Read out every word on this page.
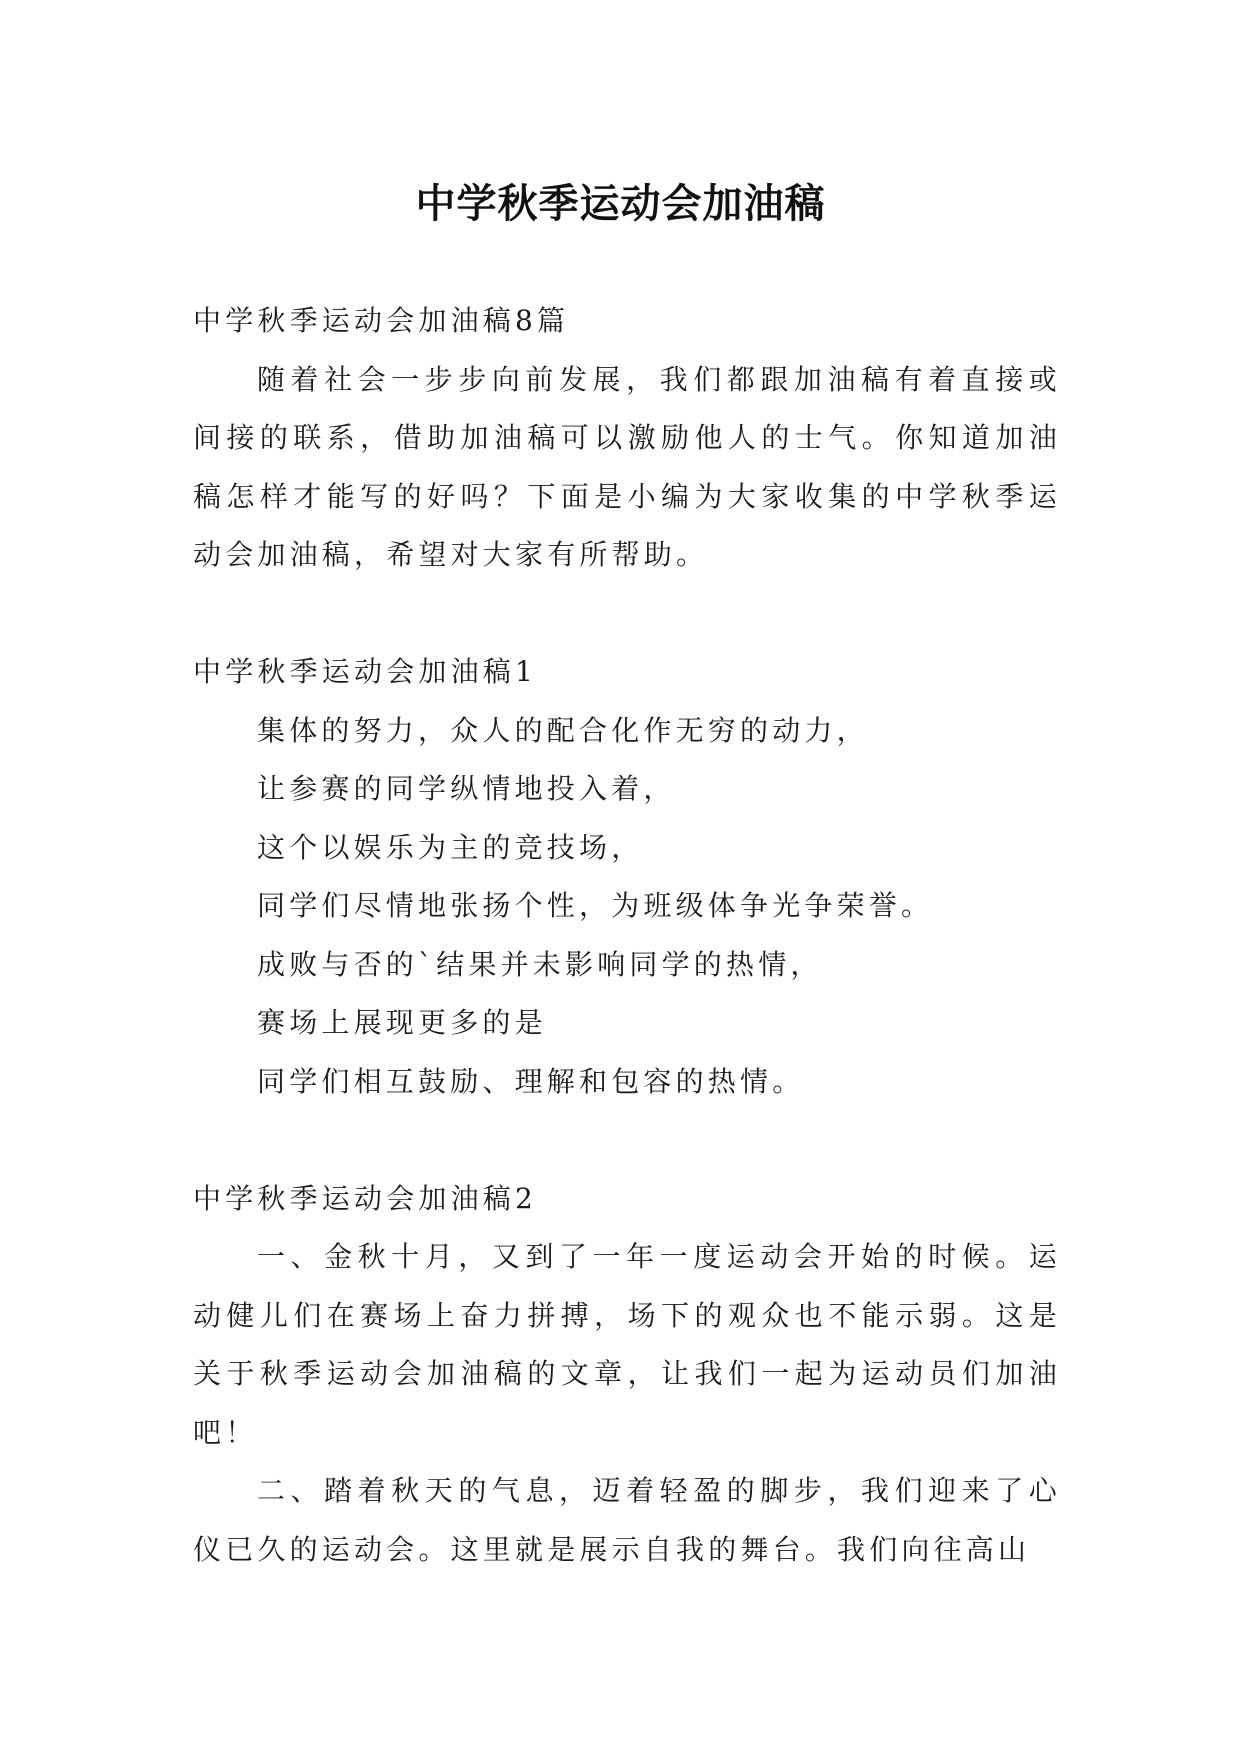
中学秋季运动会加油稿

中学秋季运动会加油稿8篇

随着社会一步步向前发展，我们都跟加油稿有着直接或间接的联系，借助加油稿可以激励他人的士气。你知道加油稿怎样才能写的好吗？下面是小编为大家收集的中学秋季运动会加油稿，希望对大家有所帮助。

中学秋季运动会加油稿1

集体的努力，众人的配合化作无穷的动力，

让参赛的同学纵情地投入着，

这个以娱乐为主的竞技场，

同学们尽情地张扬个性，为班级体争光争荣誉。

成败与否的`结果并未影响同学的热情，

赛场上展现更多的是

同学们相互鼓励、理解和包容的热情。

中学秋季运动会加油稿2

一、金秋十月，又到了一年一度运动会开始的时候。运动健儿们在赛场上奋力拼搏，场下的观众也不能示弱。这是关于秋季运动会加油稿的文章，让我们一起为运动员们加油吧！

二、踏着秋天的气息，迈着轻盈的脚步，我们迎来了心仪已久的运动会。这里就是展示自我的舞台。我们向往高山
